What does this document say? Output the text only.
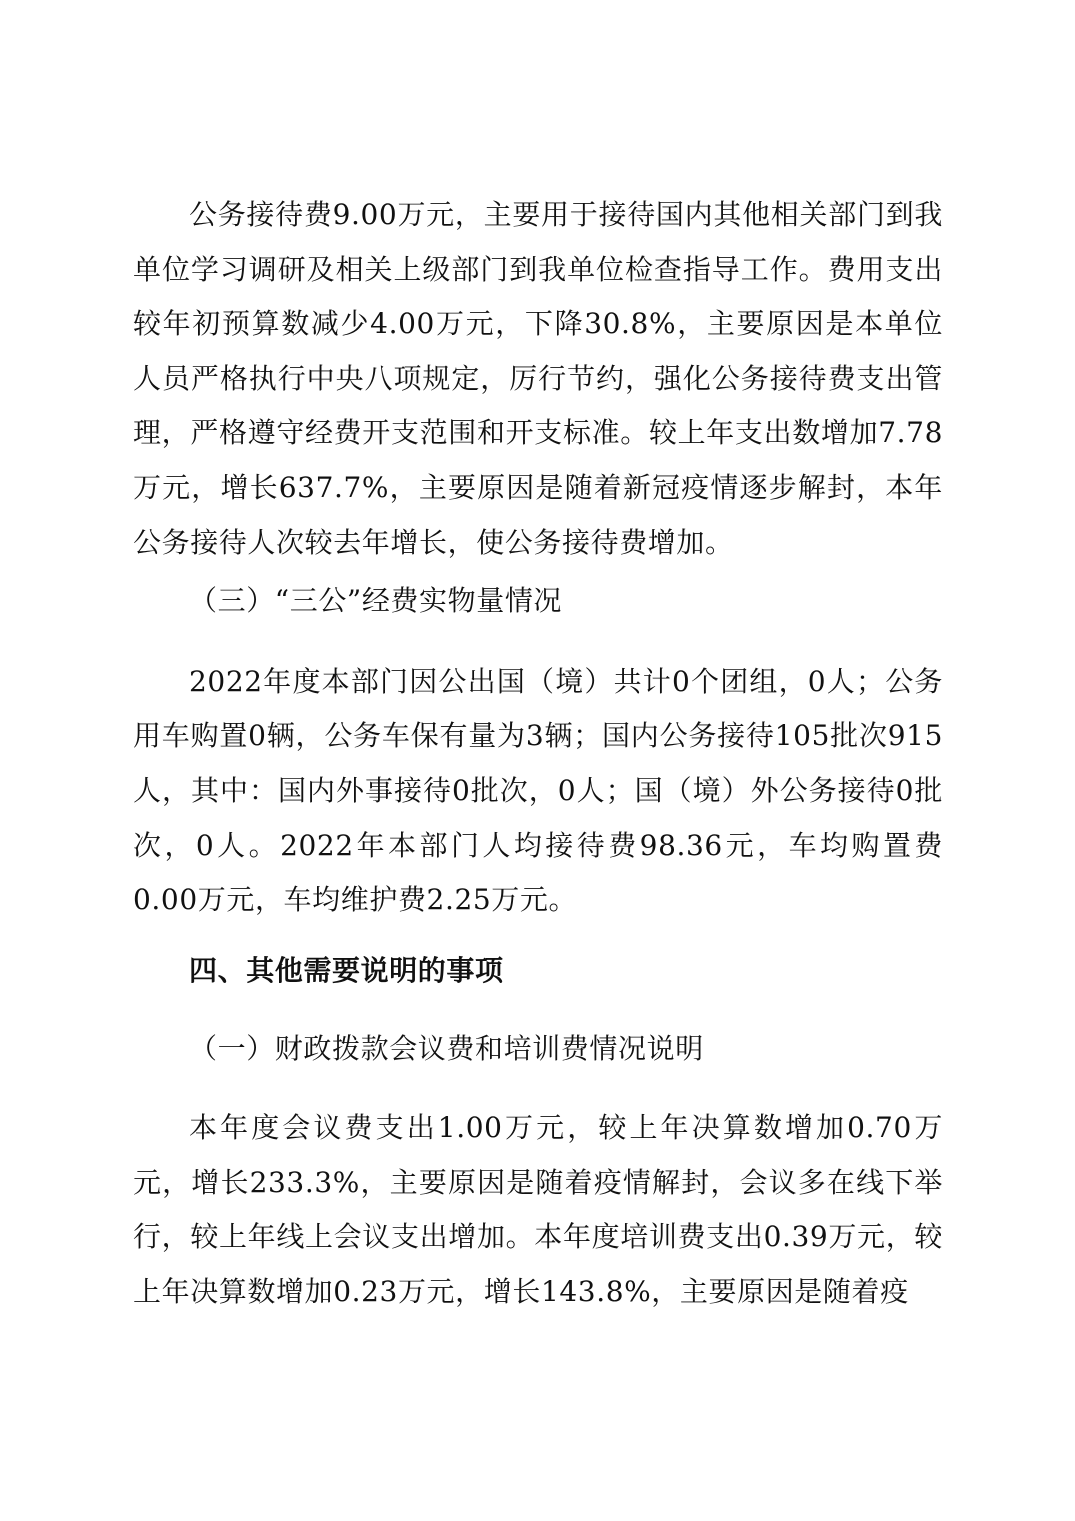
公务接待费9.00万元，主要用于接待国内其他相关部门到我单位学习调研及相关上级部门到我单位检查指导工作。费用支出较年初预算数减少4.00万元，下降30.8%，主要原因是本单位人员严格执行中央八项规定，厉行节约，强化公务接待费支出管理，严格遵守经费开支范围和开支标准。较上年支出数增加7.78万元，增长637.7%，主要原因是随着新冠疫情逐步解封，本年公务接待人次较去年增长，使公务接待费增加。

（三）“三公”经费实物量情况

2022年度本部门因公出国（境）共计0个团组，0人；公务用车购置0辆，公务车保有量为3辆；国内公务接待105批次915人，其中：国内外事接待0批次，0人；国（境）外公务接待0批次，0人。2022年本部门人均接待费98.36元，车均购置费0.00万元，车均维护费2.25万元。

四、其他需要说明的事项

（一）财政拨款会议费和培训费情况说明

本年度会议费支出1.00万元，较上年决算数增加0.70万元，增长233.3%，主要原因是随着疫情解封，会议多在线下举行，较上年线上会议支出增加。本年度培训费支出0.39万元，较上年决算数增加0.23万元，增长143.8%，主要原因是随着疫
